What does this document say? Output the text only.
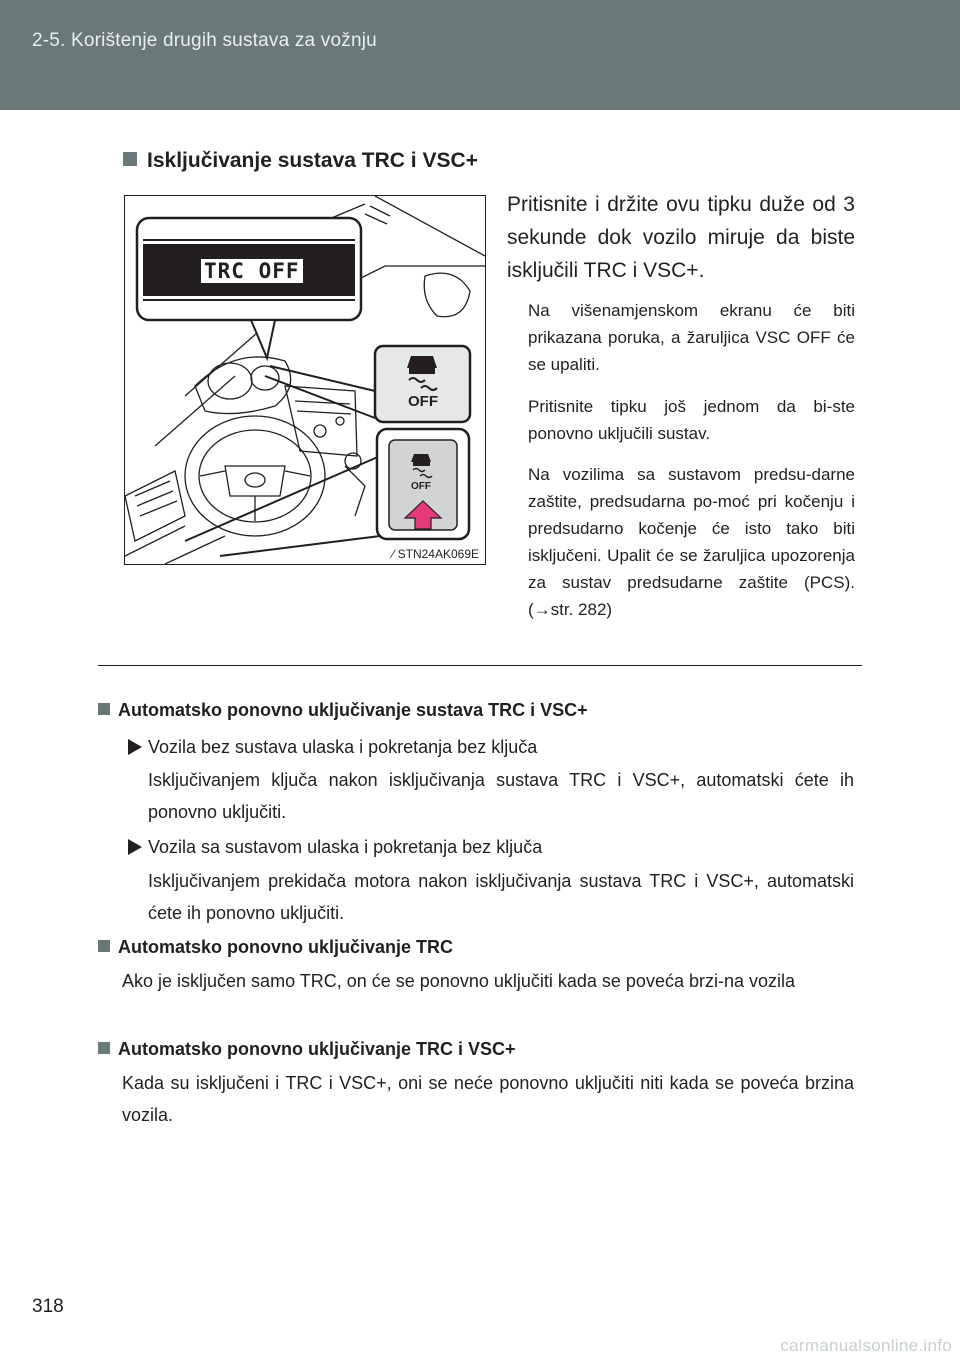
2-5. Korištenje drugih sustava za vožnju
Isključivanje sustava TRC i VSC+
TRC OFF
OFF
OFF
⁄ STN24AK069E
Pritisnite i držite ovu tipku duže od 3 sekunde dok vozilo miruje da biste isključili TRC i VSC+.
Na višenamjenskom ekranu će biti prikazana poruka, a žaruljica VSC OFF će se upaliti.
Pritisnite tipku još jednom da bi-ste ponovno uključili sustav.
Na vozilima sa sustavom predsu-darne zaštite, predsudarna po-moć pri kočenju i predsudarno kočenje će isto tako biti isključeni. Upalit će se žaruljica upozorenja za sustav predsudarne zaštite (PCS). (→str. 282)
Automatsko ponovno uključivanje sustava TRC i VSC+
Vozila bez sustava ulaska i pokretanja bez ključa
Isključivanjem ključa nakon isključivanja sustava TRC i VSC+, automatski ćete ih ponovno uključiti.
Vozila sa sustavom ulaska i pokretanja bez ključa
Isključivanjem prekidača motora nakon isključivanja sustava TRC i VSC+, automatski ćete ih ponovno uključiti.
Automatsko ponovno uključivanje TRC
Ako je isključen samo TRC, on će se ponovno uključiti kada se poveća brzi-na vozila
Automatsko ponovno uključivanje TRC i VSC+
Kada su isključeni i TRC i VSC+, oni se neće ponovno uključiti niti kada se poveća brzina vozila.
318
carmanualsonline.info
